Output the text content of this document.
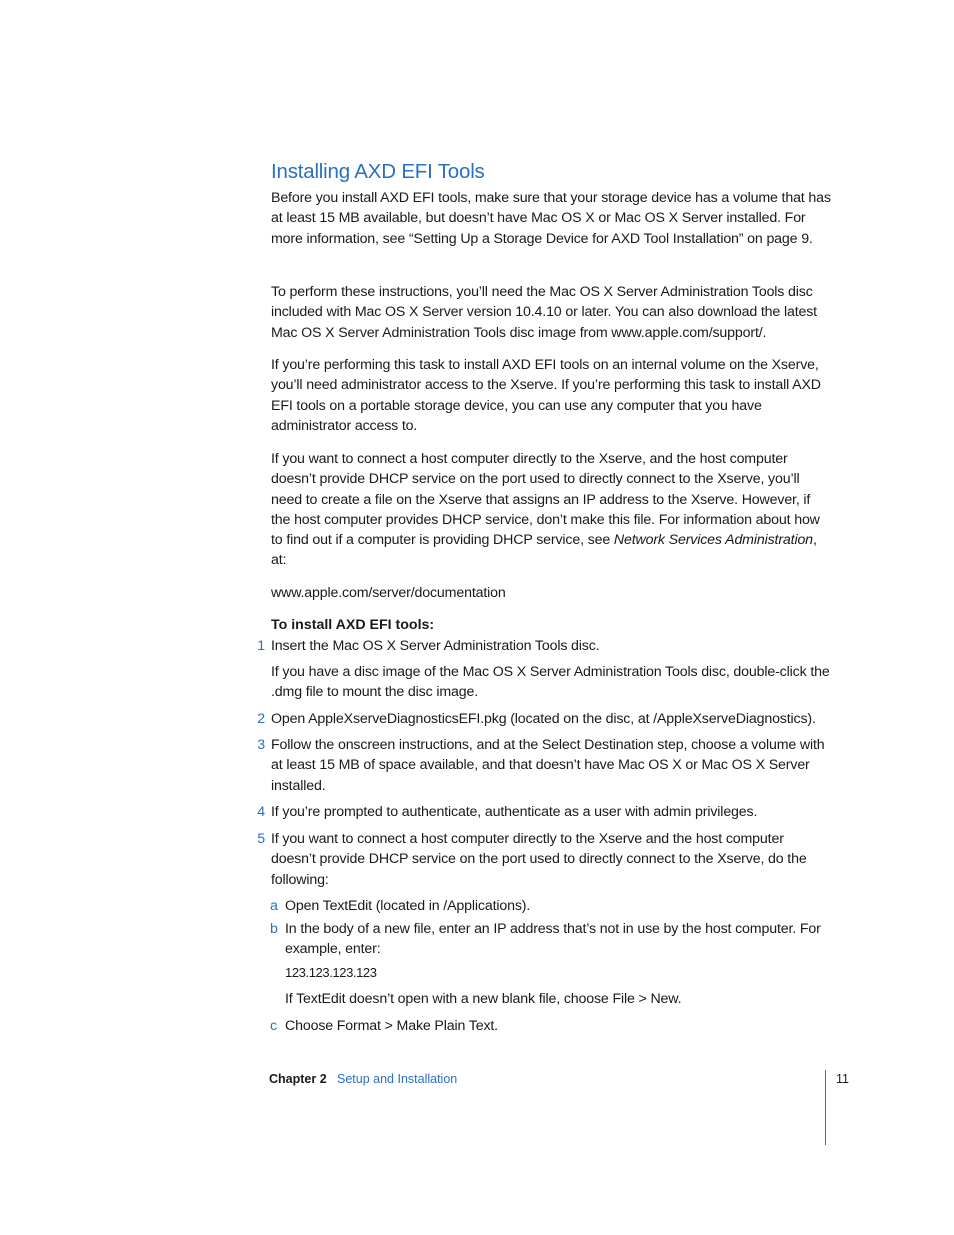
Installing AXD EFI Tools

Before you install AXD EFI tools, make sure that your storage device has a volume that has at least 15 MB available, but doesn’t have Mac OS X or Mac OS X Server installed. For more information, see “Setting Up a Storage Device for AXD Tool Installation” on page 9.

To perform these instructions, you’ll need the Mac OS X Server Administration Tools disc included with Mac OS X Server version 10.4.10 or later. You can also download the latest Mac OS X Server Administration Tools disc image from www.apple.com/support/.

If you’re performing this task to install AXD EFI tools on an internal volume on the Xserve, you’ll need administrator access to the Xserve. If you’re performing this task to install AXD EFI tools on a portable storage device, you can use any computer that you have administrator access to.

If you want to connect a host computer directly to the Xserve, and the host computer doesn’t provide DHCP service on the port used to directly connect to the Xserve, you’ll need to create a file on the Xserve that assigns an IP address to the Xserve. However, if the host computer provides DHCP service, don’t make this file. For information about how to find out if a computer is providing DHCP service, see Network Services Administration, at:

www.apple.com/server/documentation

To install AXD EFI tools:

1 Insert the Mac OS X Server Administration Tools disc.
If you have a disc image of the Mac OS X Server Administration Tools disc, double-click the .dmg file to mount the disc image.
2 Open AppleXserveDiagnosticsEFI.pkg (located on the disc, at /AppleXserveDiagnostics).
3 Follow the onscreen instructions, and at the Select Destination step, choose a volume with at least 15 MB of space available, and that doesn’t have Mac OS X or Mac OS X Server installed.
4 If you’re prompted to authenticate, authenticate as a user with admin privileges.
5 If you want to connect a host computer directly to the Xserve and the host computer doesn’t provide DHCP service on the port used to directly connect to the Xserve, do the following:
a Open TextEdit (located in /Applications).
b In the body of a new file, enter an IP address that’s not in use by the host computer. For example, enter:
123.123.123.123
If TextEdit doesn’t open with a new blank file, choose File > New.
c Choose Format > Make Plain Text.
Chapter 2 Setup and Installation	11
